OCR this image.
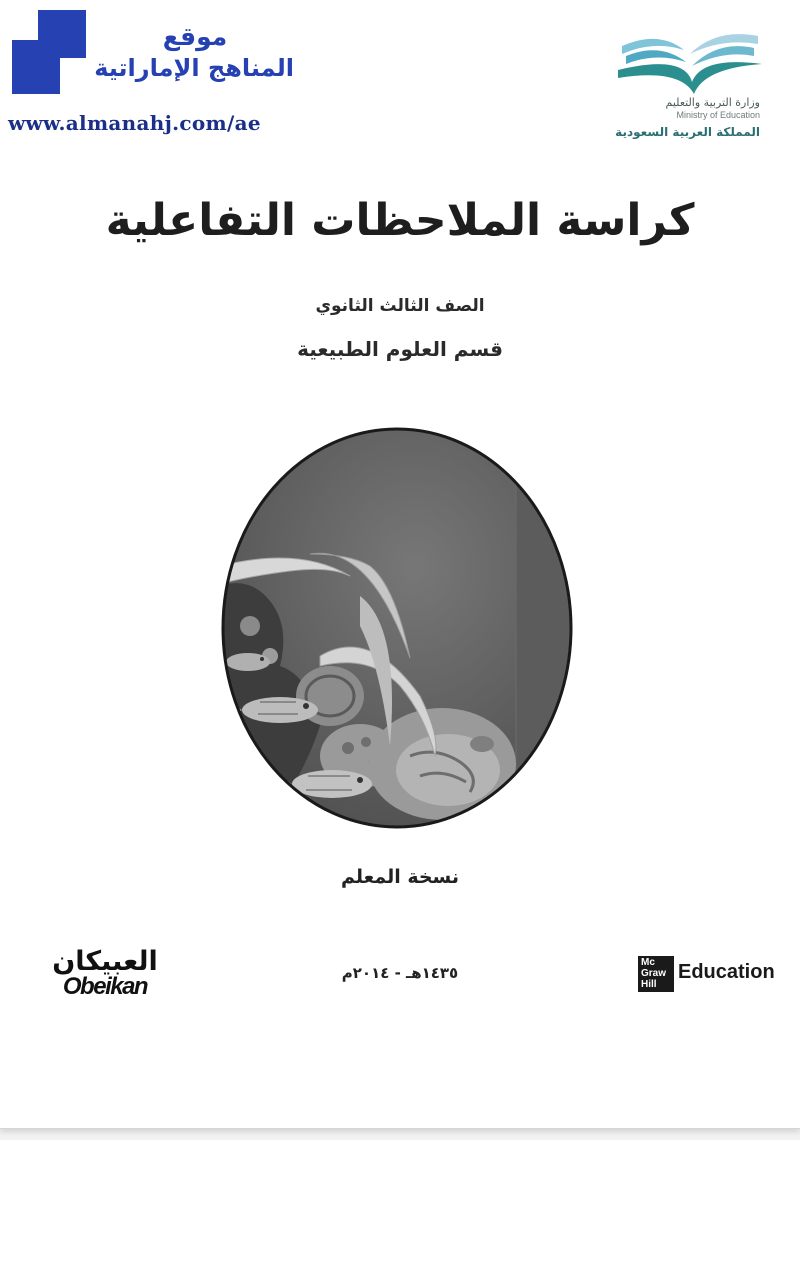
موقع
المناهج الإماراتية
www.almanahj.com/ae
وزارة التربية والتعليم
Ministry of Education
المملكة العربية السعودية
كراسة الملاحظات التفاعلية
الصف الثالث الثانوي
قسم العلوم الطبيعية
نسخة المعلم
١٤٣٥هـ - ٢٠١٤م
العبيكان
Obeikan
Mc
Graw
Hill
Education
